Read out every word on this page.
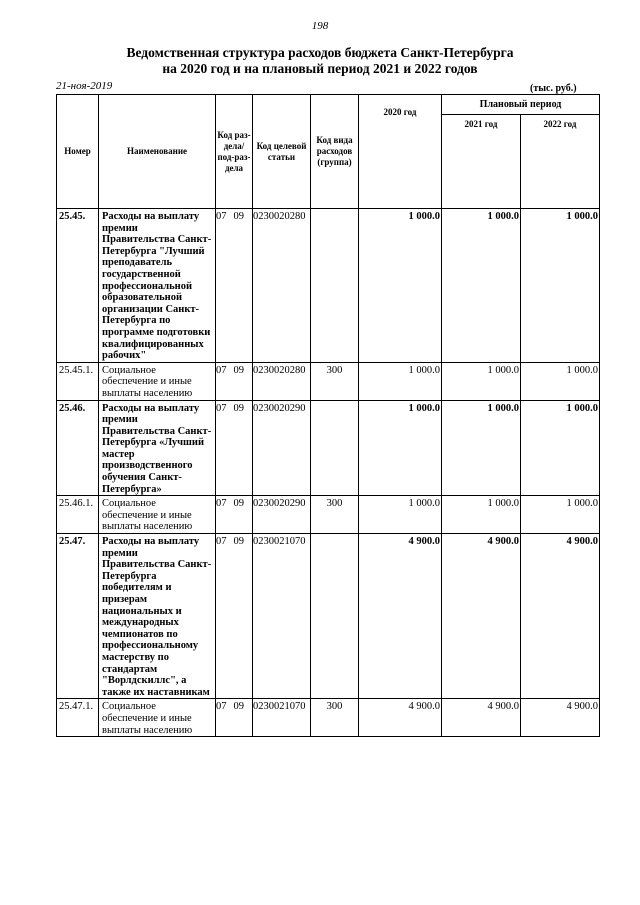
198
Ведомственная структура расходов бюджета Санкт-Петербурга
на 2020 год и на плановый период 2021 и 2022 годов
21-ноя-2019	(тыс. руб.)
Номер	Наименование	Код раз-дела/ под-раз-дела	Код целевой статьи	Код вида расходов (группа)	2020 год	Плановый период	
						2021 год	2022 год
25.45.	Расходы на выплату премии Правительства Санкт-Петербурга "Лучший преподаватель государственной профессиональной образовательной организации Санкт-Петербурга по программе подготовки квалифицированных рабочих"	07 09	0230020280		1 000.0	1 000.0	1 000.0
25.45.1.	Социальное обеспечение и иные выплаты населению	07 09	0230020280	300	1 000.0	1 000.0	1 000.0
25.46.	Расходы на выплату премии Правительства Санкт-Петербурга «Лучший мастер производственного обучения Санкт-Петербурга»	07 09	0230020290		1 000.0	1 000.0	1 000.0
25.46.1.	Социальное обеспечение и иные выплаты населению	07 09	0230020290	300	1 000.0	1 000.0	1 000.0
25.47.	Расходы на выплату премии Правительства Санкт-Петербурга победителям и призерам национальных и международных чемпионатов по профессиональному мастерству по стандартам "Ворлдскиллс", а также их наставникам	07 09	0230021070		4 900.0	4 900.0	4 900.0
25.47.1.	Социальное обеспечение и иные выплаты населению	07 09	0230021070	300	4 900.0	4 900.0	4 900.0
